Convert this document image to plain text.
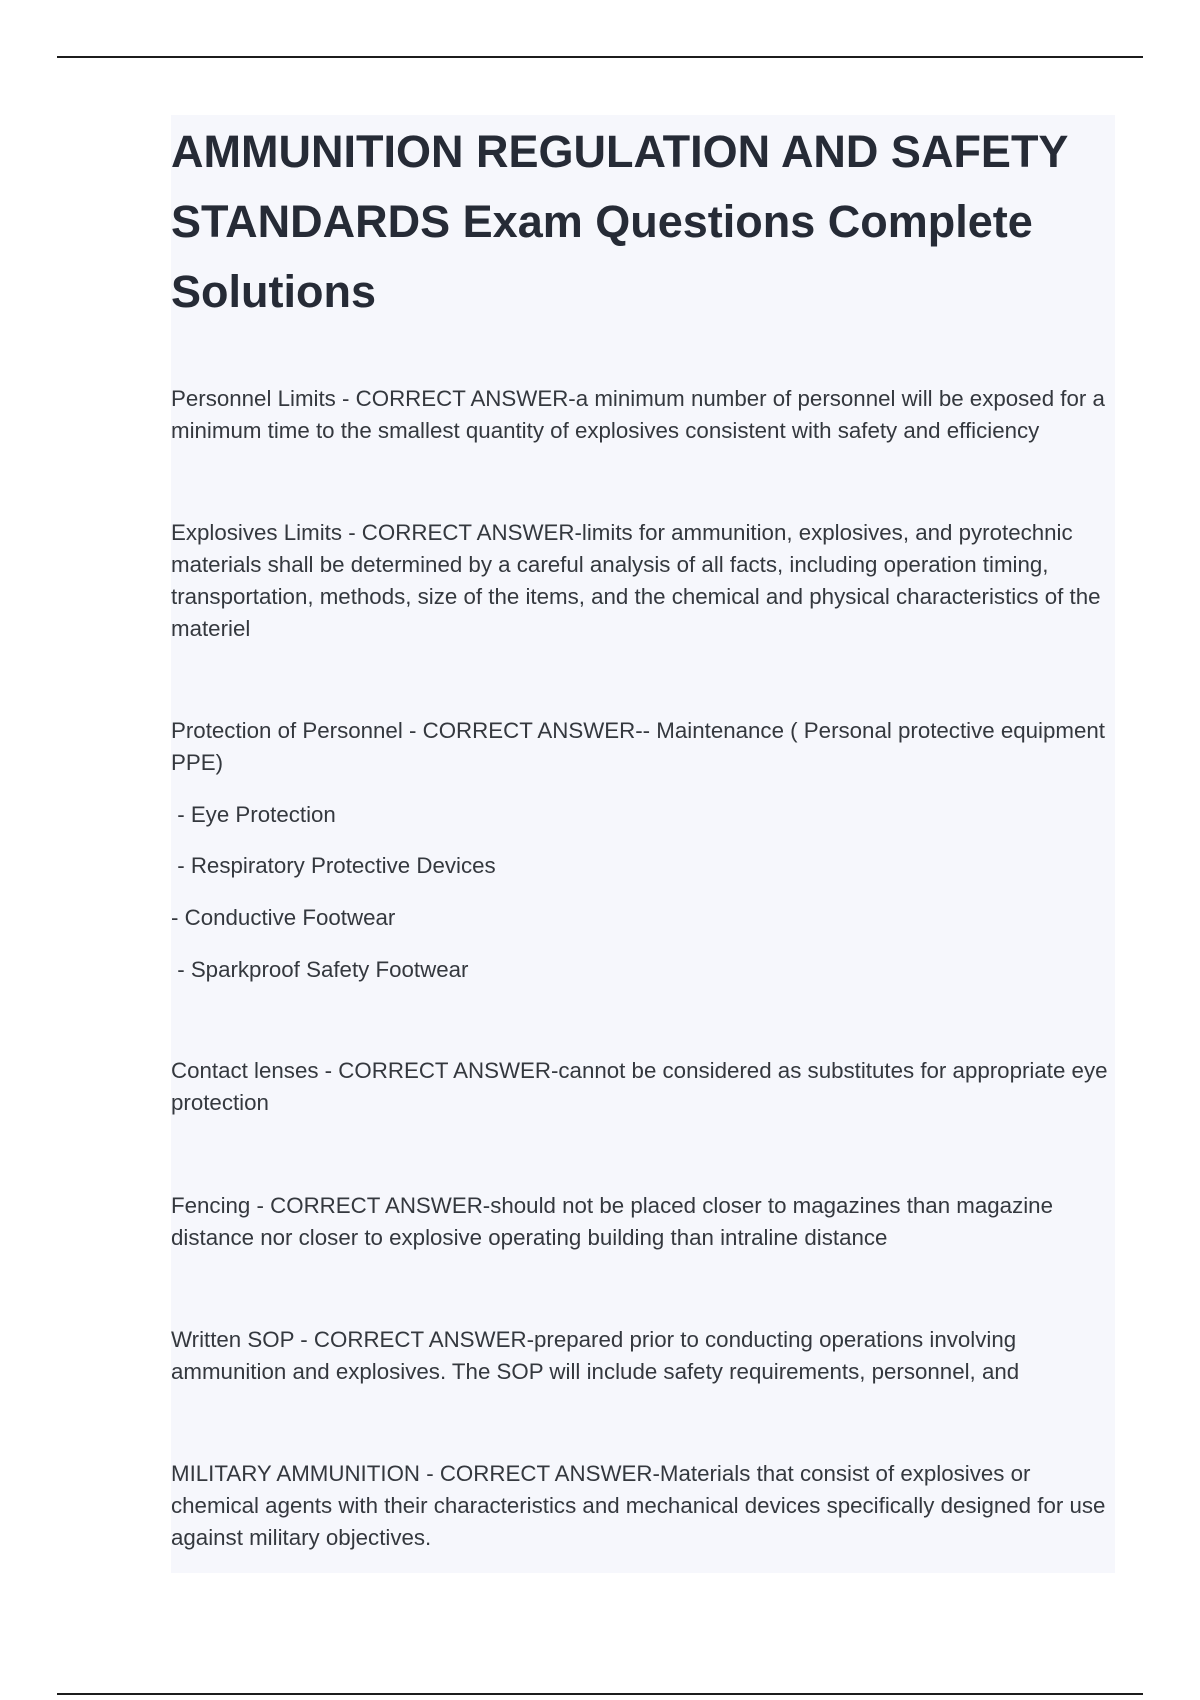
AMMUNITION REGULATION AND SAFETY STANDARDS Exam Questions Complete Solutions

Personnel Limits - CORRECT ANSWER-a minimum number of personnel will be exposed for a minimum time to the smallest quantity of explosives consistent with safety and efficiency

Explosives Limits - CORRECT ANSWER-limits for ammunition, explosives, and pyrotechnic materials shall be determined by a careful analysis of all facts, including operation timing, transportation, methods, size of the items, and the chemical and physical characteristics of the materiel

Protection of Personnel - CORRECT ANSWER-- Maintenance ( Personal protective equipment PPE)

- Eye Protection

- Respiratory Protective Devices

- Conductive Footwear

- Sparkproof Safety Footwear

Contact lenses - CORRECT ANSWER-cannot be considered as substitutes for appropriate eye protection

Fencing - CORRECT ANSWER-should not be placed closer to magazines than magazine distance nor closer to explosive operating building than intraline distance

Written SOP - CORRECT ANSWER-prepared prior to conducting operations involving ammunition and explosives. The SOP will include safety requirements, personnel, and

MILITARY AMMUNITION - CORRECT ANSWER-Materials that consist of explosives or chemical agents with their characteristics and mechanical devices specifically designed for use against military objectives.
